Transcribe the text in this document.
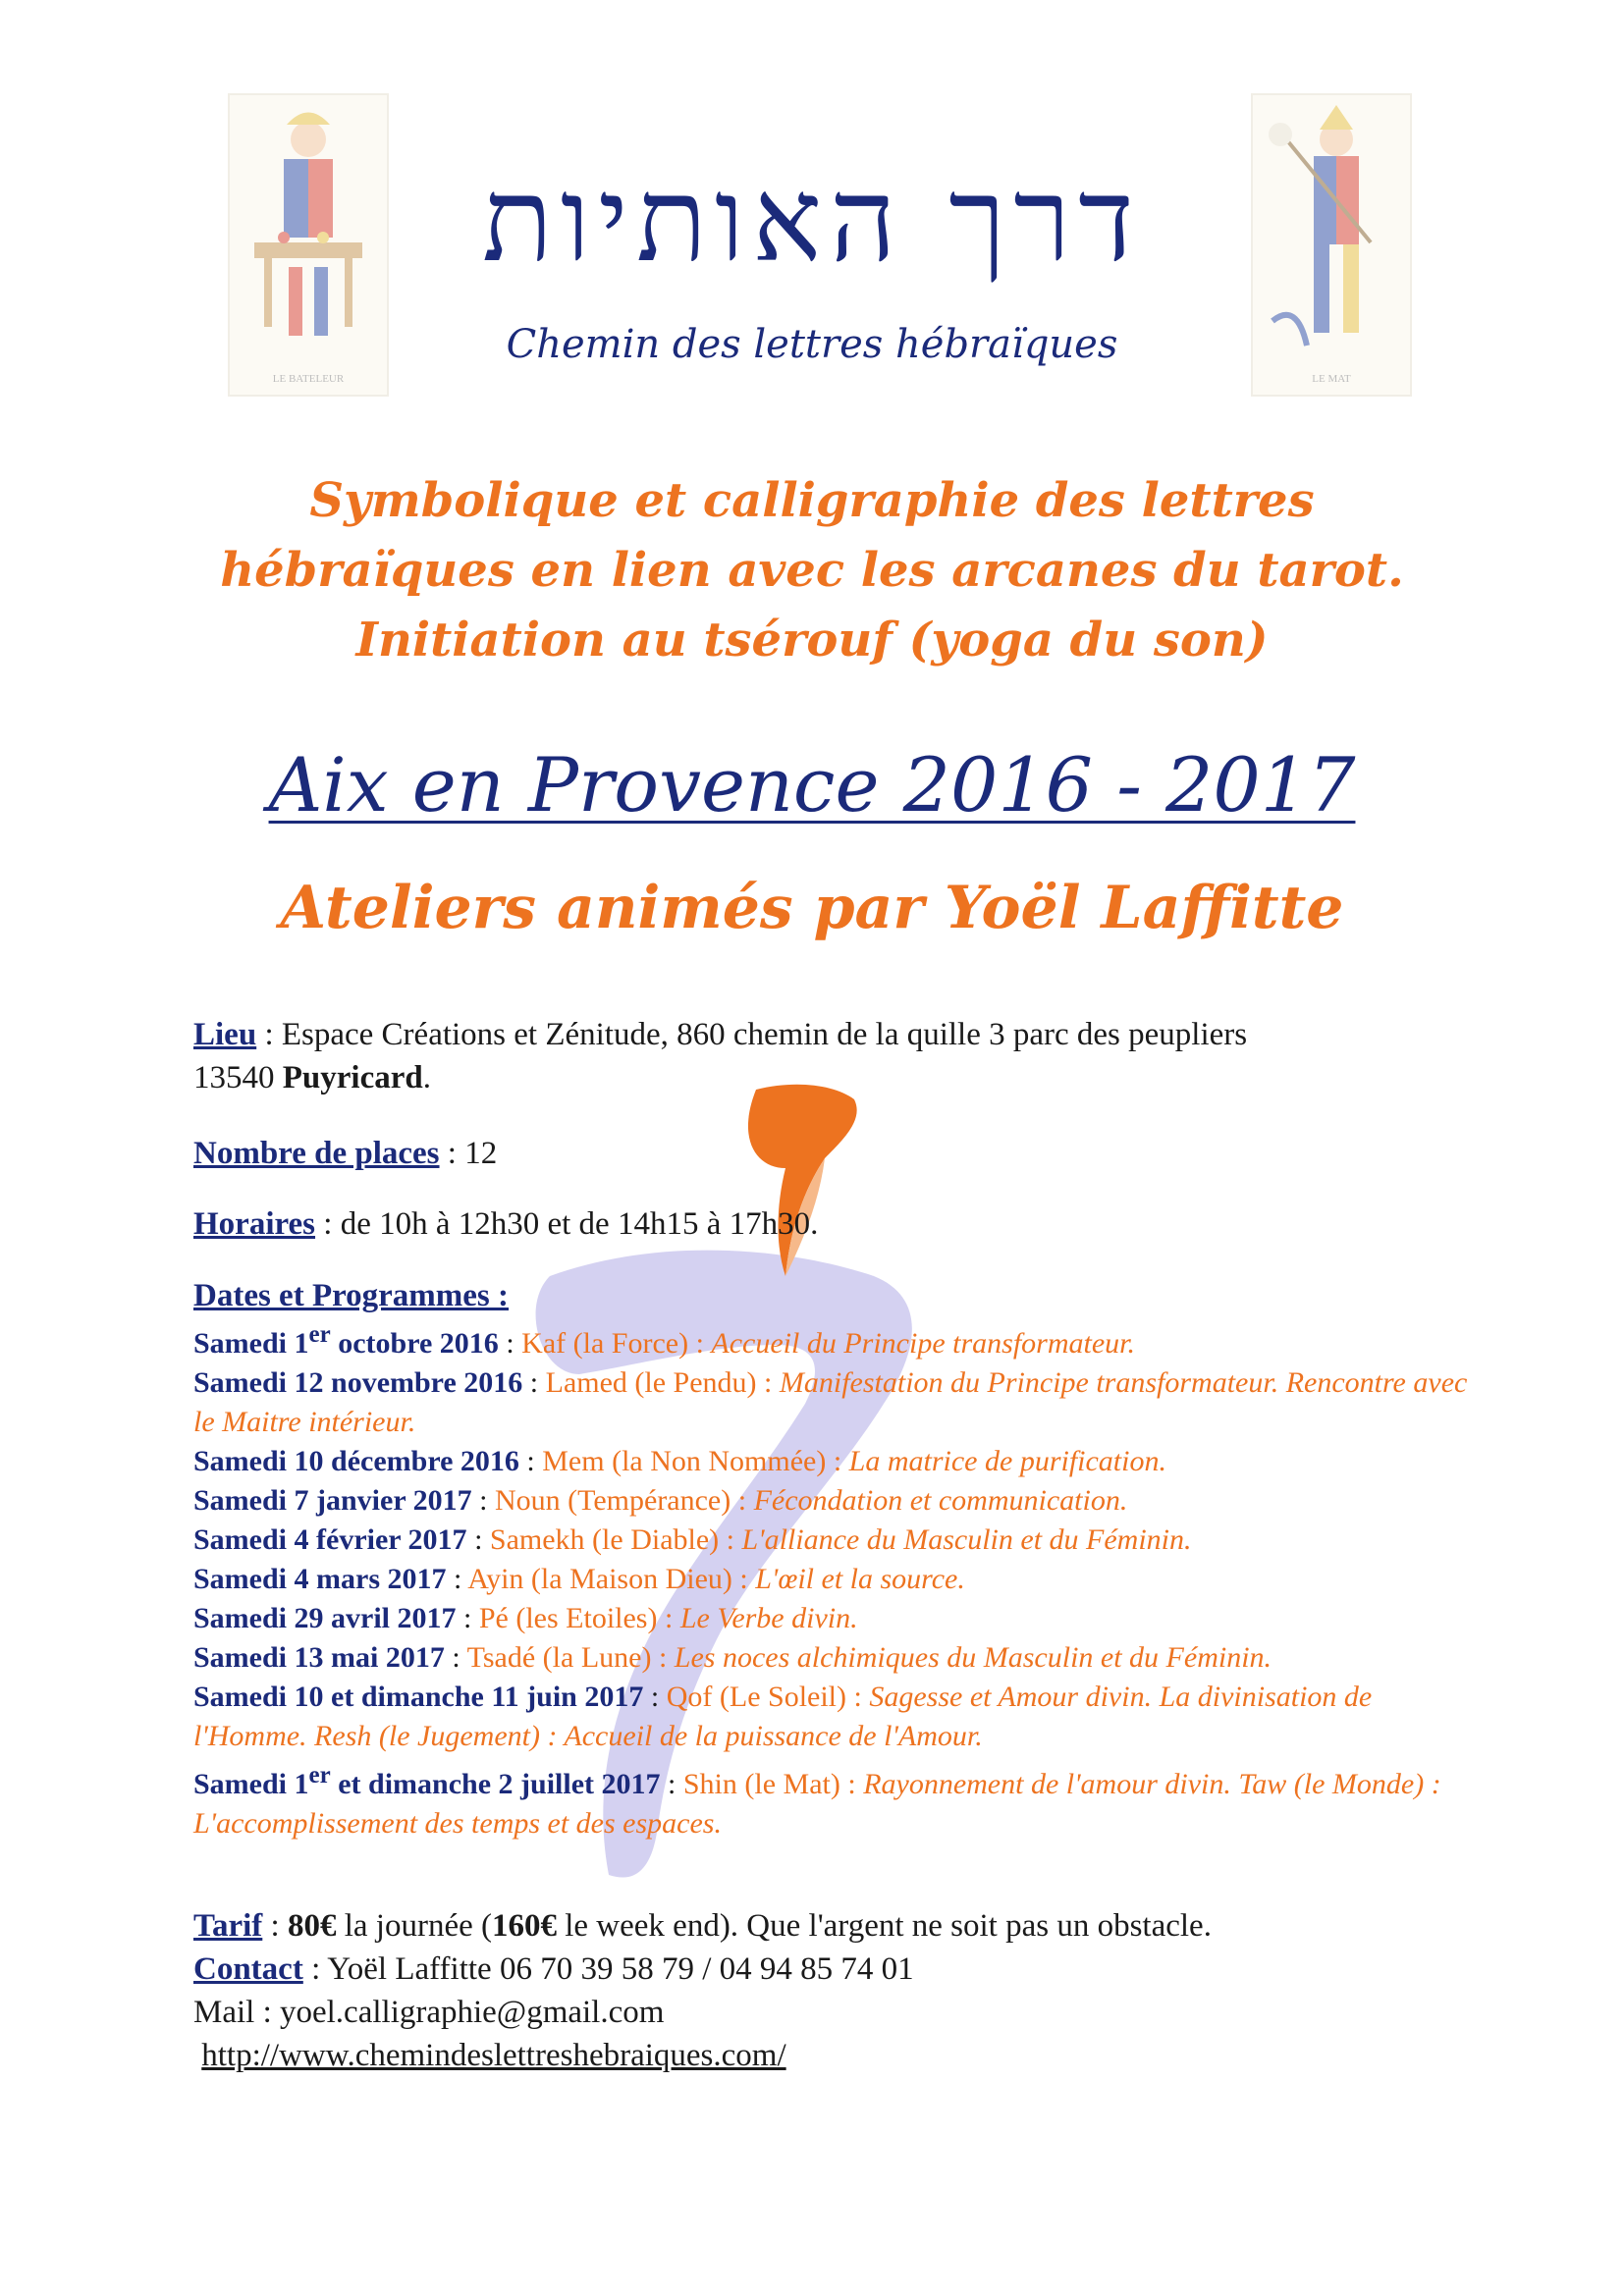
LE BATELEUR	LE MAT
דרך האותיות
Chemin des lettres hébraïques
Symbolique et calligraphie des lettres
hébraïques en lien avec les arcanes du tarot.
Initiation au tsérouf (yoga du son)
Aix en Provence 2016 - 2017
Ateliers animés par Yoël Laffitte
Lieu : Espace Créations et Zénitude, 860 chemin de la quille 3 parc des peupliers
13540 Puyricard.
Nombre de places : 12
Horaires : de 10h à 12h30 et de 14h15 à 17h30.
Dates et Programmes :
Samedi 1er octobre 2016 : Kaf (la Force) : Accueil du Principe transformateur.
Samedi 12 novembre 2016 : Lamed (le Pendu) : Manifestation du Principe transformateur. Rencontre avec le Maitre intérieur.
Samedi 10 décembre 2016 : Mem (la Non Nommée) : La matrice de purification.
Samedi 7 janvier 2017 : Noun (Tempérance) : Fécondation et communication.
Samedi 4 février 2017 : Samekh (le Diable) : L'alliance du Masculin et du Féminin.
Samedi 4 mars 2017 : Ayin (la Maison Dieu) : L'œil et la source.
Samedi 29 avril 2017 : Pé (les Etoiles) : Le Verbe divin.
Samedi 13 mai 2017 : Tsadé (la Lune) : Les noces alchimiques du Masculin et du Féminin.
Samedi 10 et dimanche 11 juin 2017 : Qof (Le Soleil) : Sagesse et Amour divin. La divinisation de l'Homme. Resh (le Jugement) : Accueil de la puissance de l'Amour.
Samedi 1er et dimanche 2 juillet 2017 : Shin (le Mat) : Rayonnement de l'amour divin. Taw (le Monde) : L'accomplissement des temps et des espaces.
Tarif : 80€ la journée (160€ le week end). Que l'argent ne soit pas un obstacle.
Contact : Yoël Laffitte 06 70 39 58 79 / 04 94 85 74 01
Mail : yoel.calligraphie@gmail.com
http://www.chemindeslettreshebraiques.com/
